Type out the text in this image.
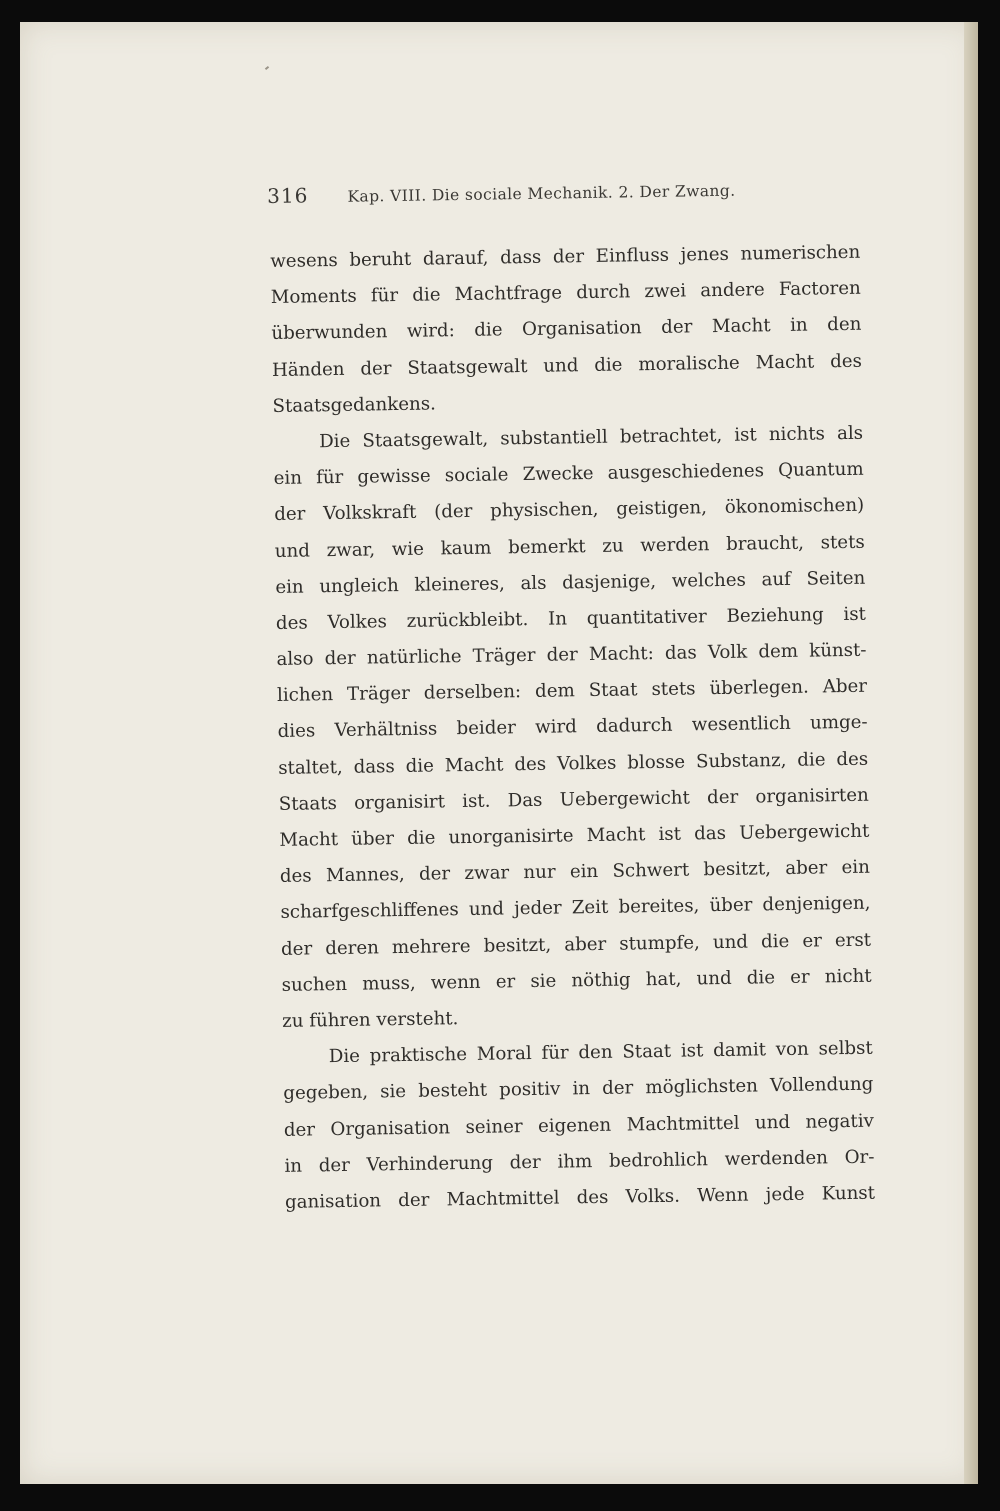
316	Kap. VIII. Die sociale Mechanik. 2. Der Zwang.
wesens beruht darauf, dass der Einfluss jenes numerischen
Moments für die Machtfrage durch zwei andere Factoren
überwunden wird: die Organisation der Macht in den
Händen der Staatsgewalt und die moralische Macht des
Staatsgedankens.
Die Staatsgewalt, substantiell betrachtet, ist nichts als
ein für gewisse sociale Zwecke ausgeschiedenes Quantum
der Volkskraft (der physischen, geistigen, ökonomischen)
und zwar, wie kaum bemerkt zu werden braucht, stets
ein ungleich kleineres, als dasjenige, welches auf Seiten
des Volkes zurückbleibt. In quantitativer Beziehung ist
also der natürliche Träger der Macht: das Volk dem künst-
lichen Träger derselben: dem Staat stets überlegen. Aber
dies Verhältniss beider wird dadurch wesentlich umge-
staltet, dass die Macht des Volkes blosse Substanz, die des
Staats organisirt ist. Das Uebergewicht der organisirten
Macht über die unorganisirte Macht ist das Uebergewicht
des Mannes, der zwar nur ein Schwert besitzt, aber ein
scharfgeschliffenes und jeder Zeit bereites, über denjenigen,
der deren mehrere besitzt, aber stumpfe, und die er erst
suchen muss, wenn er sie nöthig hat, und die er nicht
zu führen versteht.
Die praktische Moral für den Staat ist damit von selbst
gegeben, sie besteht positiv in der möglichsten Vollendung
der Organisation seiner eigenen Machtmittel und negativ
in der Verhinderung der ihm bedrohlich werdenden Or-
ganisation der Machtmittel des Volks. Wenn jede Kunst
